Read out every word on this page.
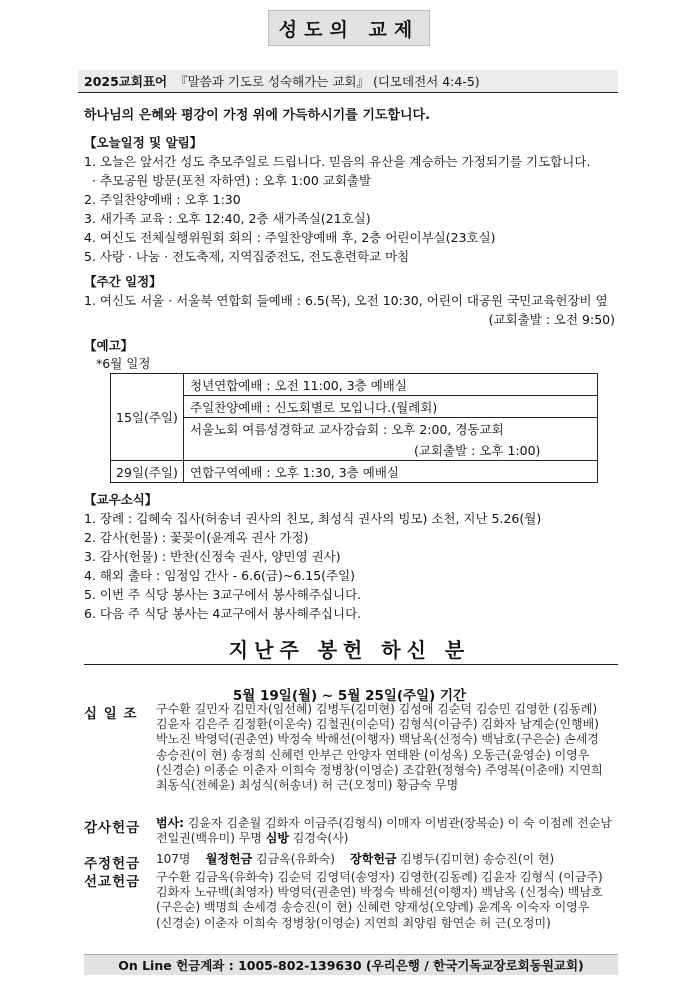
성도의 교제
2025교회표어 『말씀과 기도로 성숙해가는 교회』 (디모데전서 4:4-5)
하나님의 은혜와 평강이 가정 위에 가득하시기를 기도합니다.
【오늘일정 및 알림】
1. 오늘은 앞서간 성도 추모주일로 드립니다. 믿음의 유산을 계승하는 가정되기를 기도합니다.
· 추모공원 방문(포천 자하연) : 오후 1:00 교회출발
2. 주일찬양예배 : 오후 1:30
3. 새가족 교육 : 오후 12:40, 2층 새가족실(21호실)
4. 여신도 전체실행위원회 회의 : 주일찬양예배 후, 2층 어린이부실(23호실)
5. 사랑 · 나눔 · 전도축제, 지역집중전도, 전도훈련학교 마침
【주간 일정】
1. 여신도 서울 · 서울북 연합회 들예배 : 6.5(목), 오전 10:30, 어린이 대공원 국민교육헌장비 옆
(교회출발 : 오전 9:50)
【예고】
*6월 일정
15일(주일)	청년연합예배 : 오전 11:00, 3층 예배실
	주일찬양예배 : 신도회별로 모입니다.(월례회)
	서울노회 여름성경학교 교사강습회 : 오후 2:00, 경동교회
	(교회출발 : 오후 1:00)
29일(주일)	연합구역예배 : 오후 1:30, 3층 예배실
【교우소식】
1. 장례 : 김혜숙 집사(허송녀 권사의 친모, 최성식 권사의 빙모) 소천, 지난 5.26(월)
2. 감사(헌물) : 꽃꽂이(윤계옥 권사 가정)
3. 감사(헌물) : 반찬(신정숙 권사, 양민영 권사)
4. 해외 출타 : 임정임 간사 - 6.6(금)~6.15(주일)
5. 이번 주 식당 봉사는 3교구에서 봉사해주십니다.
6. 다음 주 식당 봉사는 4교구에서 봉사해주십니다.
지난주 봉헌 하신 분
5월 19일(월) ~ 5월 25일(주일) 기간
십 일 조	구수환 길민자 김민자(임선혜) 김병두(김미현) 김성애 김순덕 김승민 김영한 (김동례) 김윤자 김은주 김정환(이운숙) 김철권(이순덕) 김형식(이금주) 김화자 남계순(인행배) 박노진 박영덕(권춘연) 박정숙 박해선(이행자) 백남옥(신정숙) 백남호(구은순) 손세경 송승진(이 현) 송정희 신혜련 안부근 안양자 연태완 (이성옥) 오동근(윤영순) 이영우(신경순) 이종순 이춘자 이희숙 정병창(이영순) 조갑환(정형숙) 주영복(이춘애) 지연희 최동식(전혜윤) 최성식(허송녀) 허 근(오정미) 황금숙 무명
감사헌금	범사: 김윤자 김춘월 김화자 이금주(김형식) 이매자 이범관(장복순) 이 숙 이점례 전순남 전일권(백유미) 무명 심방 김경숙(사)
주정헌금	107명 월정헌금 김금옥(유화숙)    장학헌금 김병두(김미현) 송승진(이 현)
선교헌금	구수환 김금옥(유화숙) 김순덕 김영덕(송영자) 김영한(김동례) 김윤자 김형식 (이금주) 김화자 노규백(최영자) 박영덕(권춘연) 박정숙 박해선(이행자) 백남옥 (신정숙) 백남호(구은순) 백명희 손세경 송승진(이 현) 신혜련 양재성(오양례) 윤계옥 이숙자 이영우(신경순) 이춘자 이희숙 정병창(이영순) 지연희 최양림 함연순 허 근(오정미)
On Line 헌금계좌 : 1005-802-139630 (우리은행 / 한국기독교장로회동원교회)
